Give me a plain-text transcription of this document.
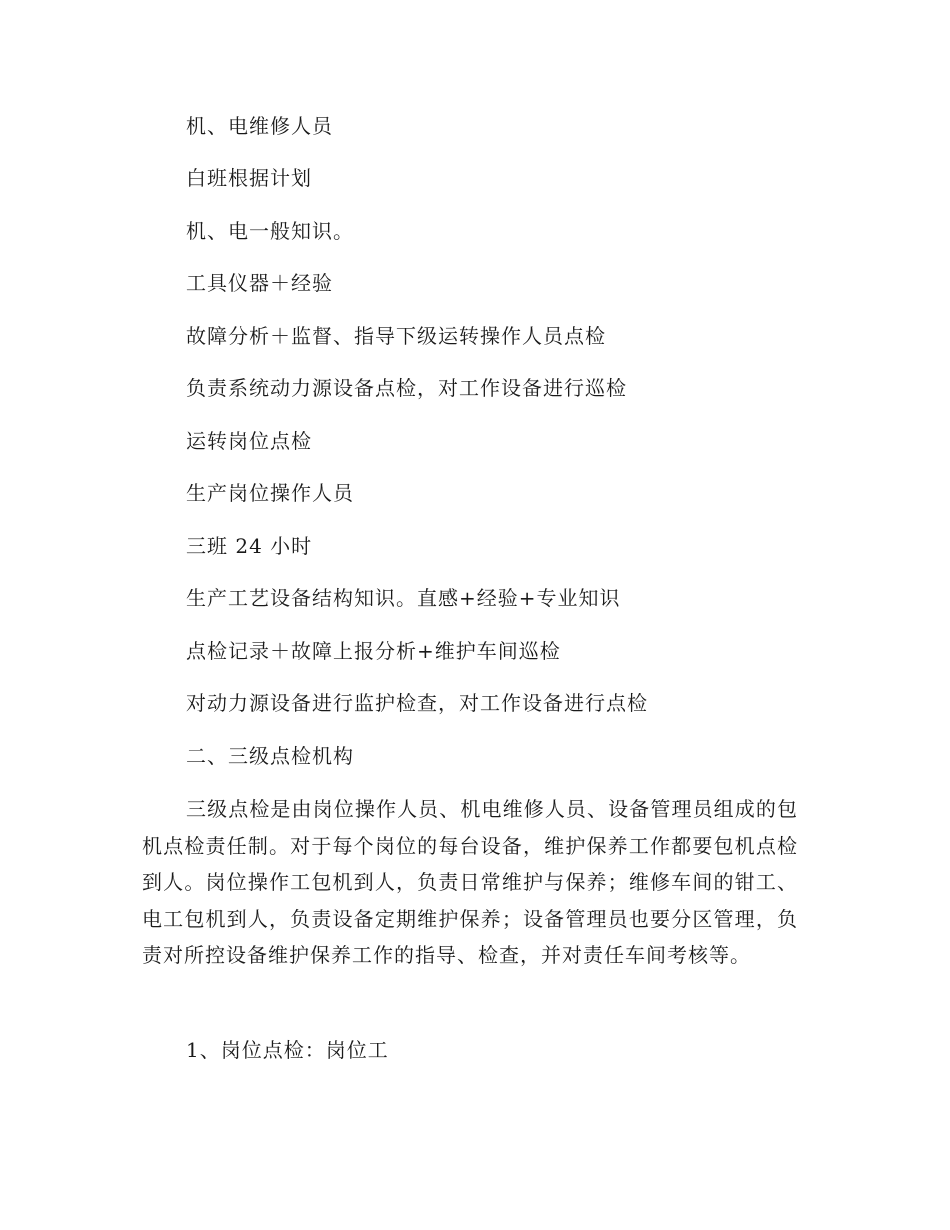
机、电维修人员
白班根据计划
机、电一般知识。
工具仪器＋经验
故障分析＋监督、指导下级运转操作人员点检
负责系统动力源设备点检，对工作设备进行巡检
运转岗位点检
生产岗位操作人员
三班 24 小时
生产工艺设备结构知识。直感+经验+专业知识
点检记录＋故障上报分析+维护车间巡检
对动力源设备进行监护检查，对工作设备进行点检
二、三级点检机构
三级点检是由岗位操作人员、机电维修人员、设备管理员组成的包机点检责任制。对于每个岗位的每台设备，维护保养工作都要包机点检到人。岗位操作工包机到人，负责日常维护与保养；维修车间的钳工、电工包机到人，负责设备定期维护保养；设备管理员也要分区管理，负责对所控设备维护保养工作的指导、检查，并对责任车间考核等。
1、岗位点检：岗位工
